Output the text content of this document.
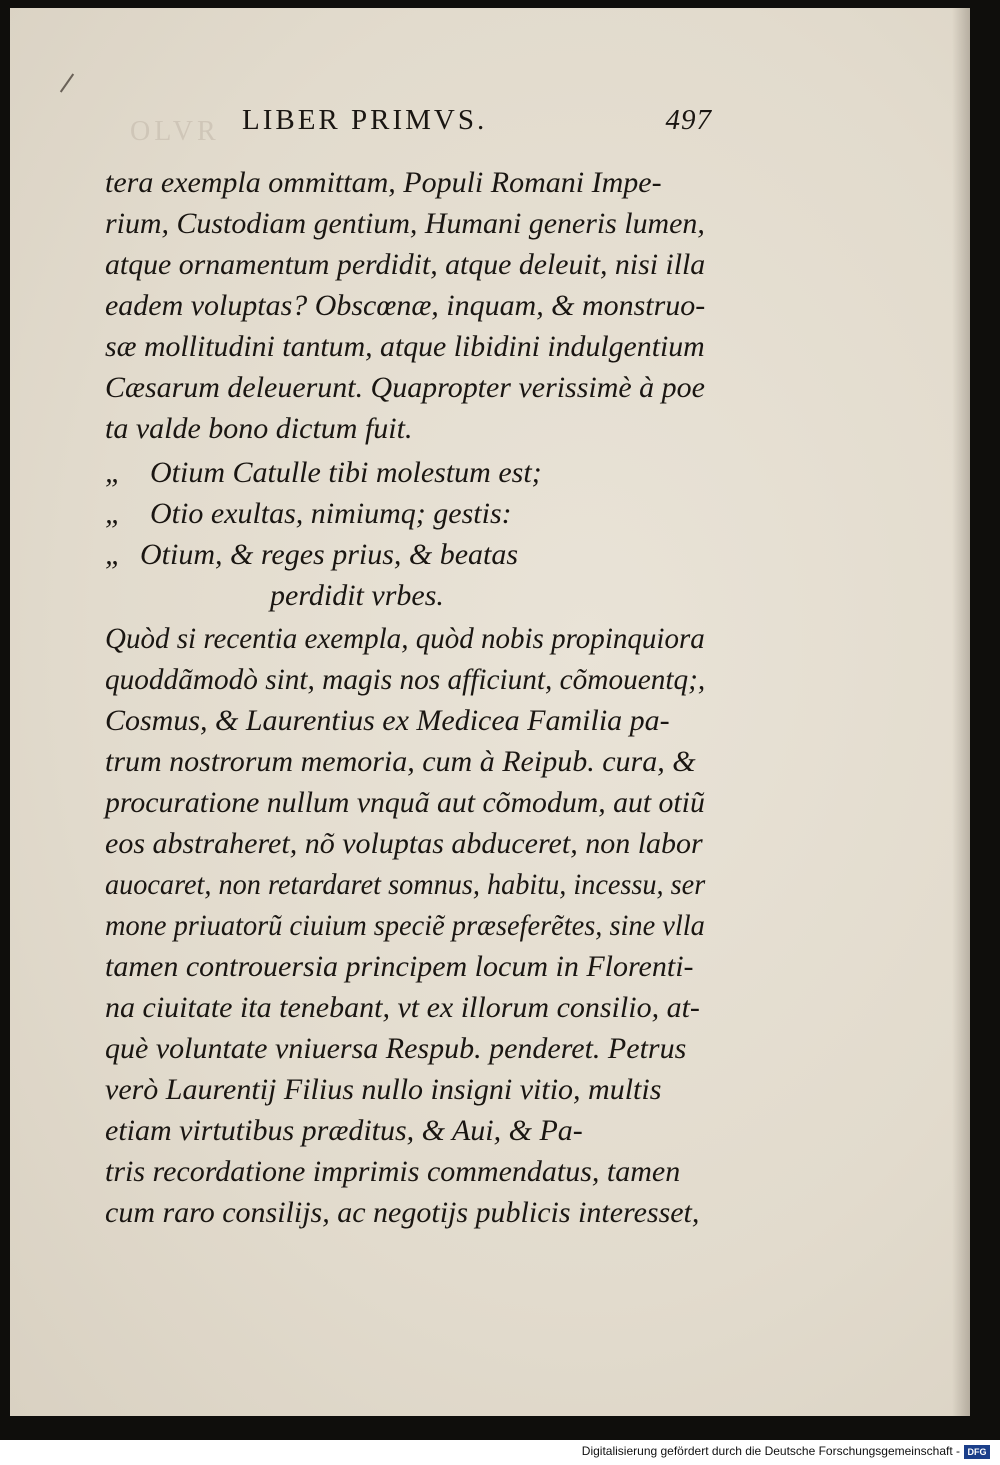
OLVR LIBER PRIMVS.	497
tera exempla ommittam, Populi Romani Impe-
rium, Custodiam gentium, Humani generis lumen,
atque ornamentum perdidit, atque deleuit, nisi illa
eadem voluptas? Obscœnæ, inquam, & monstruo-
sæ mollitudini tantum, atque libidini indulgentium
Cæsarum deleuerunt. Quapropter verissimè à poe
ta valde bono dictum fuit.
„ Otium Catulle tibi molestum est;
„ Otio exultas, nimiumq; gestis:
„ Otium, & reges prius, & beatas
perdidit vrbes.
Quòd si recentia exempla, quòd nobis propinquiora
quoddãmodò sint, magis nos afficiunt, cõmouentq;,
Cosmus, & Laurentius ex Medicea Familia pa-
trum nostrorum memoria, cum à Reipub. cura, &
procuratione nullum vnquã aut cõmodum, aut otiũ
eos abstraheret, nõ voluptas abduceret, non labor
auocaret, non retardaret somnus, habitu, incessu, ser
mone priuatorũ ciuium speciẽ præseferẽtes, sine vlla
tamen controuersia principem locum in Florenti-
na ciuitate ita tenebant, vt ex illorum consilio, at-
què voluntate vniuersa Respub. penderet. Petrus
verò Laurentij Filius nullo insigni vitio, multis
etiam virtutibus præditus, & Aui, & Pa-
tris recordatione imprimis commendatus, tamen
cum raro consilijs, ac negotijs publicis interesset,
Digitalisierung gefördert durch die Deutsche Forschungsgemeinschaft - DFG
